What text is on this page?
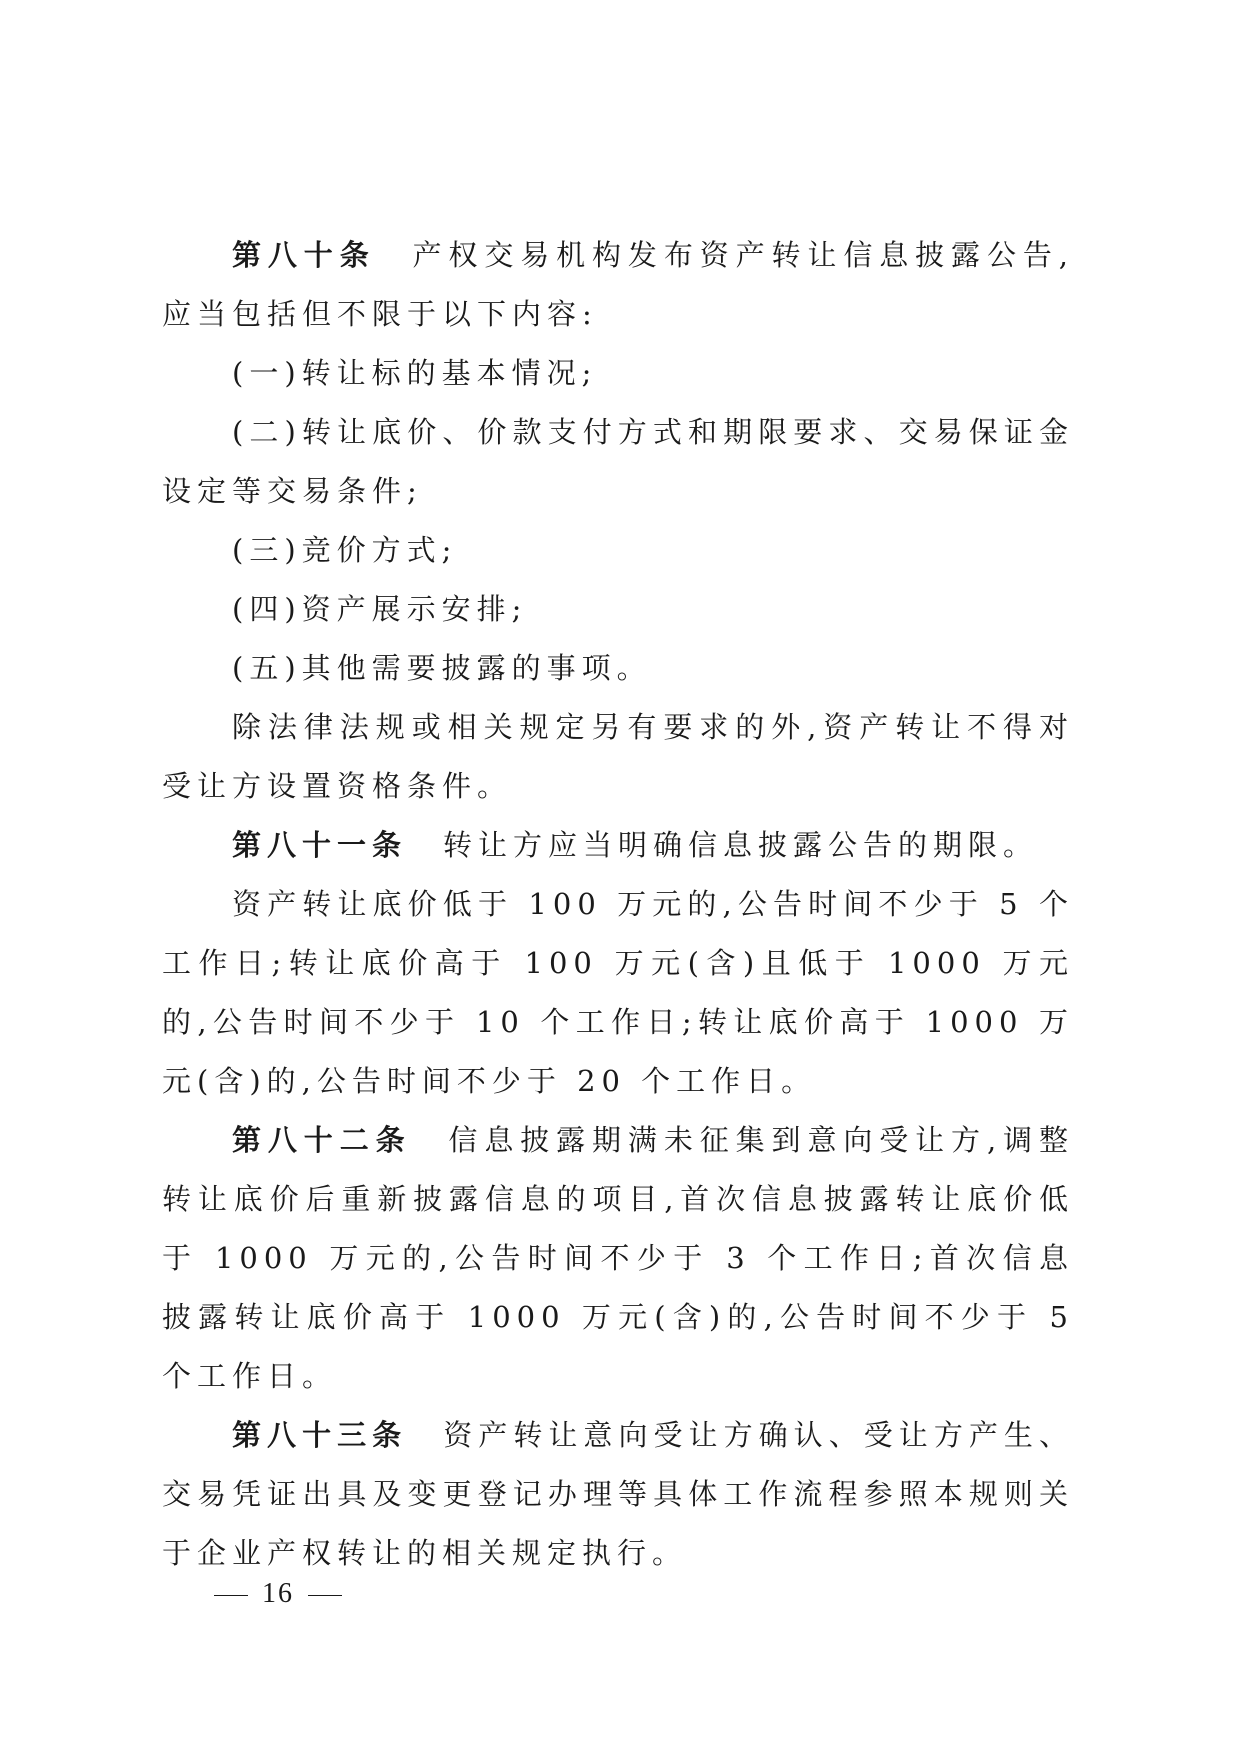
第八十条 产权交易机构发布资产转让信息披露公告,应当包括但不限于以下内容:

(一)转让标的基本情况;

(二)转让底价、价款支付方式和期限要求、交易保证金设定等交易条件;

(三)竞价方式;

(四)资产展示安排;

(五)其他需要披露的事项。

除法律法规或相关规定另有要求的外,资产转让不得对受让方设置资格条件。

第八十一条 转让方应当明确信息披露公告的期限。

资产转让底价低于 100 万元的,公告时间不少于 5 个工作日;转让底价高于 100 万元(含)且低于 1000 万元的,公告时间不少于 10 个工作日;转让底价高于 1000 万元(含)的,公告时间不少于 20 个工作日。

第八十二条 信息披露期满未征集到意向受让方,调整转让底价后重新披露信息的项目,首次信息披露转让底价低于 1000 万元的,公告时间不少于 3 个工作日;首次信息披露转让底价高于 1000 万元(含)的,公告时间不少于 5 个工作日。

第八十三条 资产转让意向受让方确认、受让方产生、交易凭证出具及变更登记办理等具体工作流程参照本规则关于企业产权转让的相关规定执行。

16
